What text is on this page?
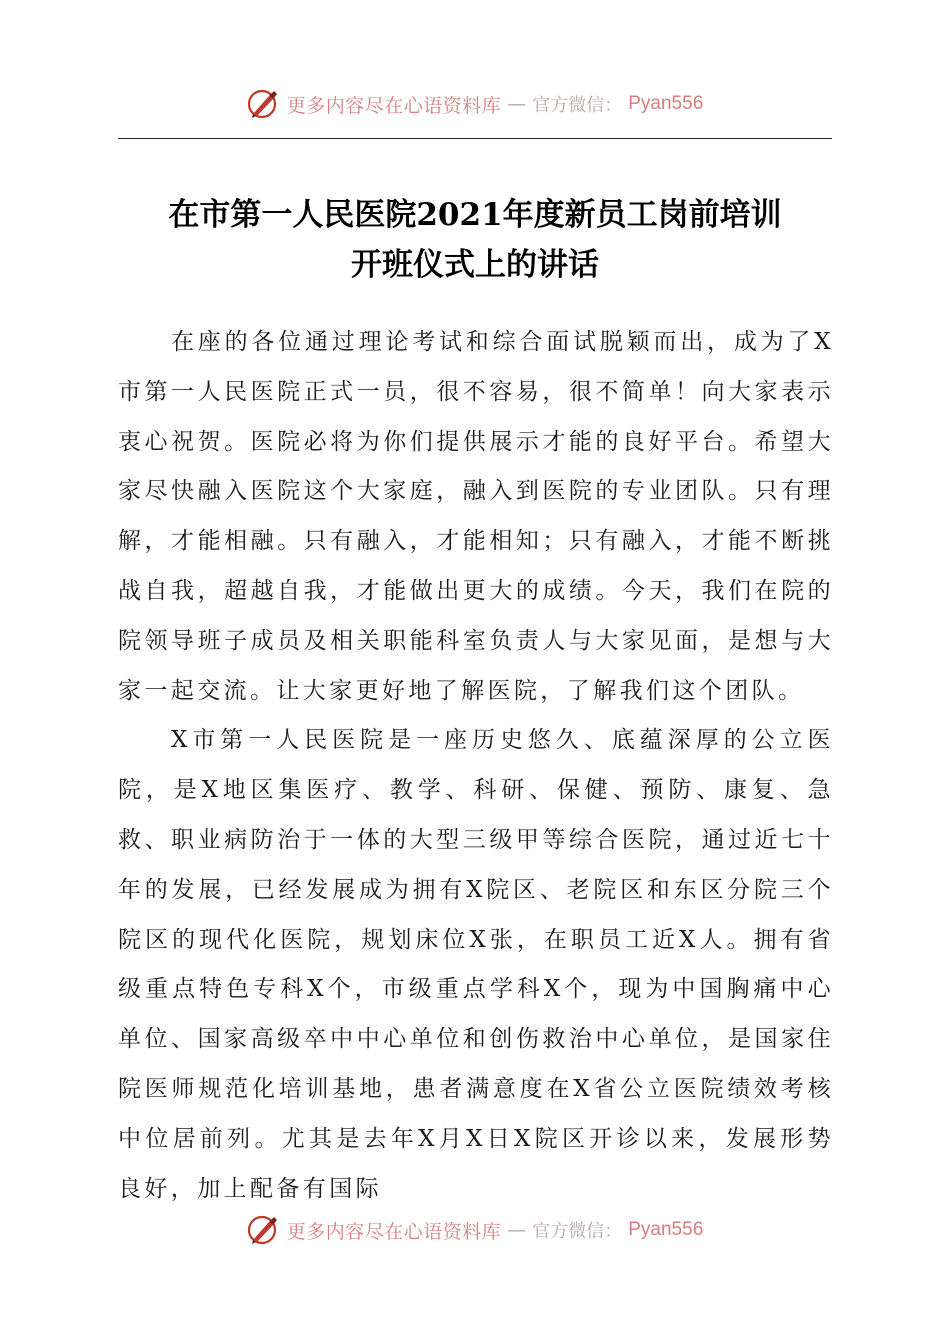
更多内容尽在心语资料库 — 官方微信： Pyan556
在市第一人民医院2021年度新员工岗前培训
开班仪式上的讲话

在座的各位通过理论考试和综合面试脱颖而出，成为了X市第一人民医院正式一员，很不容易，很不简单！向大家表示衷心祝贺。医院必将为你们提供展示才能的良好平台。希望大家尽快融入医院这个大家庭，融入到医院的专业团队。只有理解，才能相融。只有融入，才能相知；只有融入，才能不断挑战自我，超越自我，才能做出更大的成绩。今天，我们在院的院领导班子成员及相关职能科室负责人与大家见面，是想与大家一起交流。让大家更好地了解医院，了解我们这个团队。

X市第一人民医院是一座历史悠久、底蕴深厚的公立医院，是X地区集医疗、教学、科研、保健、预防、康复、急救、职业病防治于一体的大型三级甲等综合医院，通过近七十年的发展，已经发展成为拥有X院区、老院区和东区分院三个院区的现代化医院，规划床位X张，在职员工近X人。拥有省级重点特色专科X个，市级重点学科X个，现为中国胸痛中心单位、国家高级卒中中心单位和创伤救治中心单位，是国家住院医师规范化培训基地，患者满意度在X省公立医院绩效考核中位居前列。尤其是去年X月X日X院区开诊以来，发展形势良好，加上配备有国际

更多内容尽在心语资料库 — 官方微信： Pyan556
